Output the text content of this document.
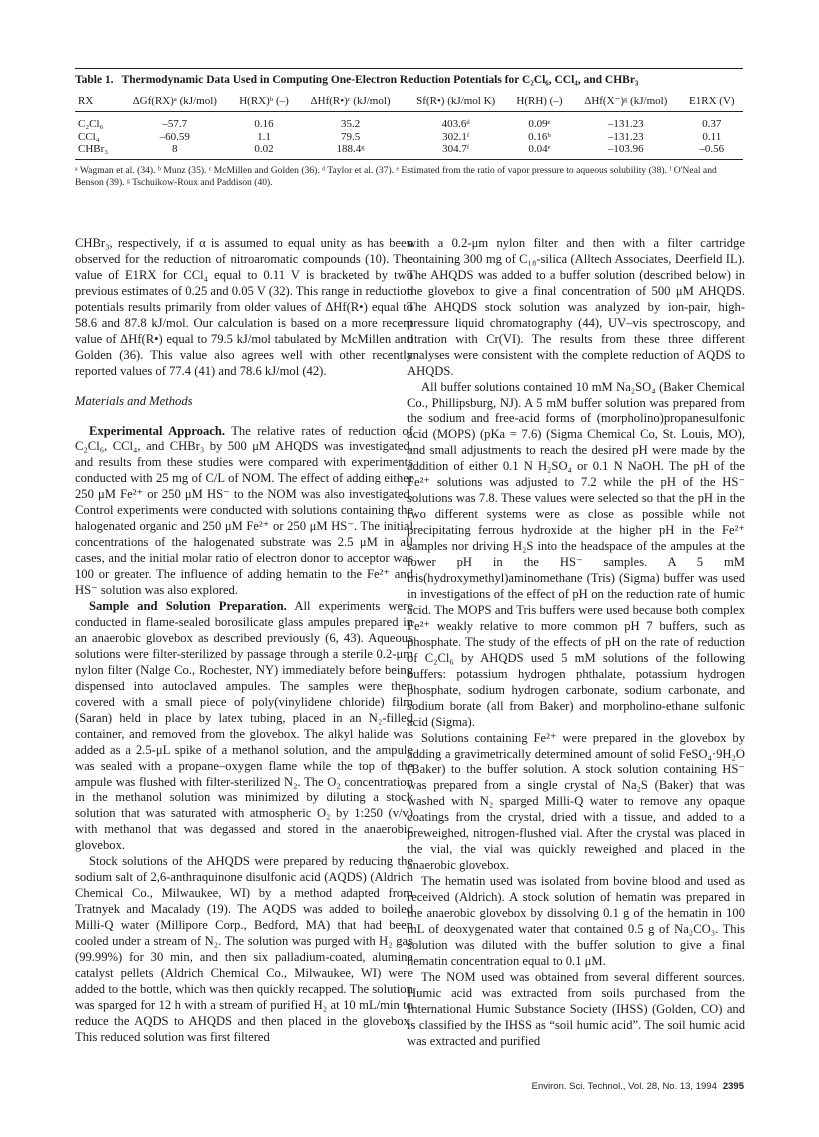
Table 1. Thermodynamic Data Used in Computing One-Electron Reduction Potentials for C₂Cl₆, CCl₄, and CHBr₃
RX	ΔGf(RX)ᵃ (kJ/mol)	H(RX)ᵇ (–)	ΔHf(R•)ᶜ (kJ/mol)	Sf(R•) (kJ/mol K)	H(RH) (–)	ΔHf(X⁻)ᵍ (kJ/mol)	E1RX (V)
C₂Cl₆	–57.7	0.16	35.2	403.6ᵈ	0.09ᵉ	–131.23	0.37
CCl₄	–60.59	1.1	79.5	302.1ᶠ	0.16ᵇ	–131.23	0.11
CHBr₃	8	0.02	188.4ᵍ	304.7ᶠ	0.04ᵉ	–103.96	–0.56
ᵃ Wagman et al. (34). ᵇ Munz (35). ᶜ McMillen and Golden (36). ᵈ Taylor et al. (37). ᵉ Estimated from the ratio of vapor pressure to aqueous solubility (38). ᶠ O'Neal and Benson (39). ᵍ Tschuikow-Roux and Paddison (40).

CHBr₃, respectively, if α is assumed to equal unity as has been observed for the reduction of nitroaromatic compounds (10). The value of E1RX for CCl₄ equal to 0.11 V is bracketed by two previous estimates of 0.25 and 0.05 V (32). This range in reduction potentials results primarily from older values of ΔHf(R•) equal to 58.6 and 87.8 kJ/mol. Our calculation is based on a more recent value of ΔHf(R•) equal to 79.5 kJ/mol tabulated by McMillen and Golden (36). This value also agrees well with other recently reported values of 77.4 (41) and 78.6 kJ/mol (42).

Materials and Methods

Experimental Approach. The relative rates of reduction of C₂Cl₆, CCl₄, and CHBr₃ by 500 μM AHQDS was investigated, and results from these studies were compared with experiments conducted with 25 mg of C/L of NOM. The effect of adding either 250 μM Fe²⁺ or 250 μM HS⁻ to the NOM was also investigated. Control experiments were conducted with solutions containing the halogenated organic and 250 μM Fe²⁺ or 250 μM HS⁻. The initial concentrations of the halogenated substrate was 2.5 μM in all cases, and the initial molar ratio of electron donor to acceptor was 100 or greater. The influence of adding hematin to the Fe²⁺ and HS⁻ solution was also explored.

Sample and Solution Preparation. All experiments were conducted in flame-sealed borosilicate glass ampules prepared in an anaerobic glovebox as described previously (6, 43). Aqueous solutions were filter-sterilized by passage through a sterile 0.2-μm nylon filter (Nalge Co., Rochester, NY) immediately before being dispensed into autoclaved ampules. The samples were then covered with a small piece of poly(vinylidene chloride) film (Saran) held in place by latex tubing, placed in an N₂-filled container, and removed from the glovebox. The alkyl halide was added as a 2.5-μL spike of a methanol solution, and the ampule was sealed with a propane–oxygen flame while the top of the ampule was flushed with filter-sterilized N₂. The O₂ concentration in the methanol solution was minimized by diluting a stock solution that was saturated with atmospheric O₂ by 1:250 (v/v) with methanol that was degassed and stored in the anaerobic glovebox.

Stock solutions of the AHQDS were prepared by reducing the sodium salt of 2,6-anthraquinone disulfonic acid (AQDS) (Aldrich Chemical Co., Milwaukee, WI) by a method adapted from Tratnyek and Macalady (19). The AQDS was added to boiled Milli-Q water (Millipore Corp., Bedford, MA) that had been cooled under a stream of N₂. The solution was purged with H₂ gas (99.99%) for 30 min, and then six palladium-coated, alumina catalyst pellets (Aldrich Chemical Co., Milwaukee, WI) were added to the bottle, which was then quickly recapped. The solution was sparged for 12 h with a stream of purified H₂ at 10 mL/min to reduce the AQDS to AHQDS and then placed in the glovebox. This reduced solution was first filtered

with a 0.2-μm nylon filter and then with a filter cartridge containing 300 mg of C₁₈-silica (Alltech Associates, Deerfield IL). The AHQDS was added to a buffer solution (described below) in the glovebox to give a final concentration of 500 μM AHQDS. The AHQDS stock solution was analyzed by ion-pair, high-pressure liquid chromatography (44), UV–vis spectroscopy, and titration with Cr(VI). The results from these three different analyses were consistent with the complete reduction of AQDS to AHQDS.

All buffer solutions contained 10 mM Na₂SO₄ (Baker Chemical Co., Phillipsburg, NJ). A 5 mM buffer solution was prepared from the sodium and free-acid forms of (morpholino)propanesulfonic acid (MOPS) (pKa = 7.6) (Sigma Chemical Co, St. Louis, MO), and small adjustments to reach the desired pH were made by the addition of either 0.1 N H₂SO₄ or 0.1 N NaOH. The pH of the Fe²⁺ solutions was adjusted to 7.2 while the pH of the HS⁻ solutions was 7.8. These values were selected so that the pH in the two different systems were as close as possible while not precipitating ferrous hydroxide at the higher pH in the Fe²⁺ samples nor driving H₂S into the headspace of the ampules at the lower pH in the HS⁻ samples. A 5 mM tris(hydroxymethyl)aminomethane (Tris) (Sigma) buffer was used in investigations of the effect of pH on the reduction rate of humic acid. The MOPS and Tris buffers were used because both complex Fe²⁺ weakly relative to more common pH 7 buffers, such as phosphate. The study of the effects of pH on the rate of reduction of C₂Cl₆ by AHQDS used 5 mM solutions of the following buffers: potassium hydrogen phthalate, potassium hydrogen phosphate, sodium hydrogen carbonate, sodium carbonate, and sodium borate (all from Baker) and morpholino-ethane sulfonic acid (Sigma).

Solutions containing Fe²⁺ were prepared in the glovebox by adding a gravimetrically determined amount of solid FeSO₄·9H₂O (Baker) to the buffer solution. A stock solution containing HS⁻ was prepared from a single crystal of Na₂S (Baker) that was washed with N₂ sparged Milli-Q water to remove any opaque coatings from the crystal, dried with a tissue, and added to a preweighed, nitrogen-flushed vial. After the crystal was placed in the vial, the vial was quickly reweighed and placed in the anaerobic glovebox.

The hematin used was isolated from bovine blood and used as received (Aldrich). A stock solution of hematin was prepared in the anaerobic glovebox by dissolving 0.1 g of the hematin in 100 mL of deoxygenated water that contained 0.5 g of Na₂CO₃. This solution was diluted with the buffer solution to give a final hematin concentration equal to 0.1 μM.

The NOM used was obtained from several different sources. Humic acid was extracted from soils purchased from the International Humic Substance Society (IHSS) (Golden, CO) and is classified by the IHSS as “soil humic acid”. The soil humic acid was extracted and purified

Environ. Sci. Technol., Vol. 28, No. 13, 1994 2395
